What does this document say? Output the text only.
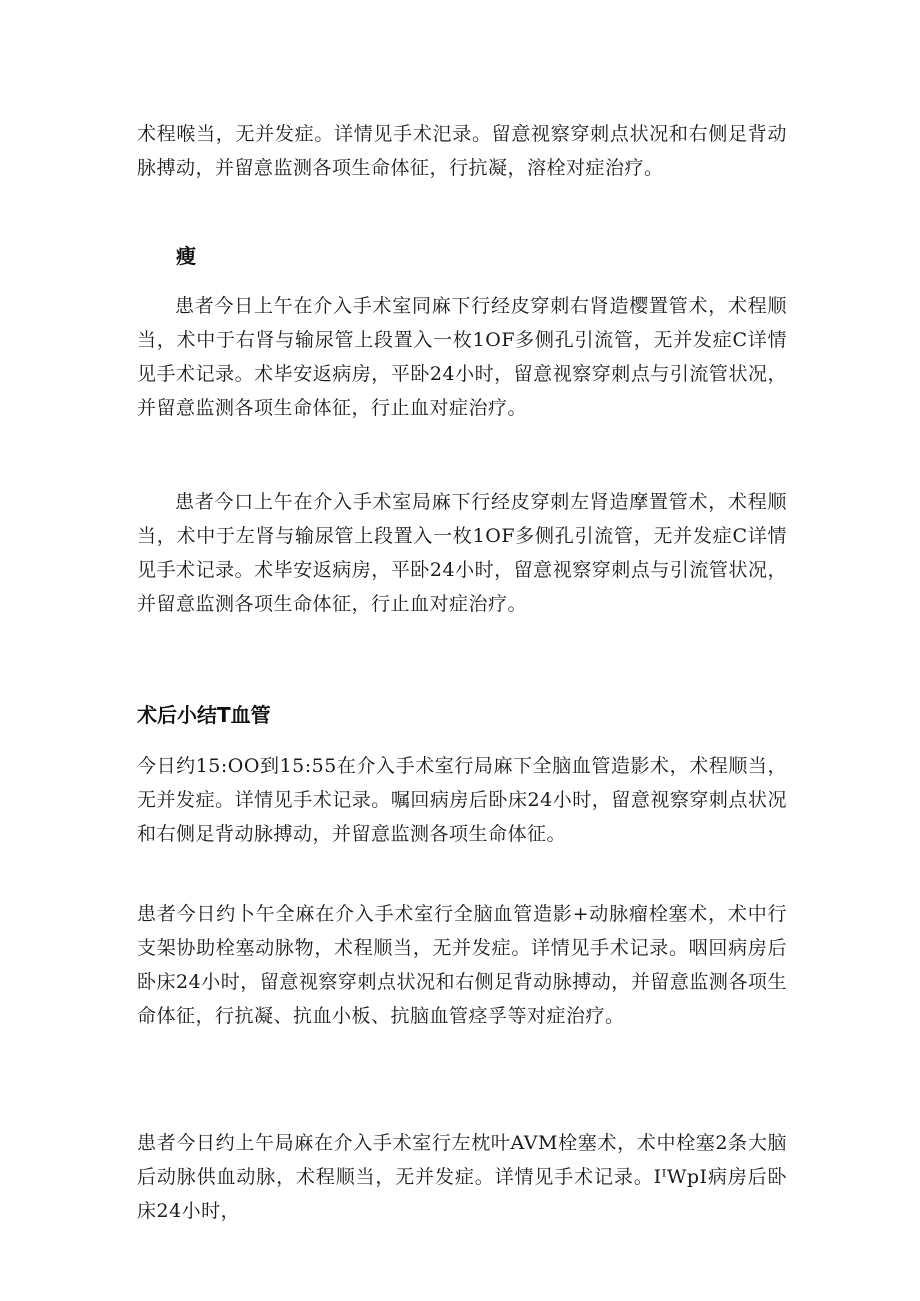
术程喉当，无并发症。详情见手术汜录。留意视察穿刺点状况和右侧足背动脉搏动，并留意监测各项生命体征，行抗凝，溶栓对症治疗。

瘦

患者今日上午在介入手术室同麻下行经皮穿刺右肾造樱置管术，术程顺当，术中于右肾与输尿管上段置入一枚1OF多侧孔引流管，无并发症C详情见手术记录。术毕安返病房，平卧24小时，留意视察穿刺点与引流管状况，并留意监测各项生命体征，行止血对症治疗。

患者今口上午在介入手术室局麻下行经皮穿刺左肾造摩置管术，术程顺当，术中于左肾与输尿管上段置入一枚1OF多侧孔引流管，无并发症C详情见手术记录。术毕安返病房，平卧24小时，留意视察穿刺点与引流管状况，并留意监测各项生命体征，行止血对症治疗。

术后小结T血管

今日约15:OO到15:55在介入手术室行局麻下全脑血管造影术，术程顺当，无并发症。详情见手术记录。嘱回病房后卧床24小时，留意视察穿刺点状况和右侧足背动脉搏动，并留意监测各项生命体征。

患者今日约卜午全麻在介入手术室行全脑血管造影+动脉瘤栓塞术，术中行支架协助栓塞动脉物，术程顺当，无并发症。详情见手术记录。咽回病房后卧床24小时，留意视察穿刺点状况和右侧足背动脉搏动，并留意监测各项生命体征，行抗凝、抗血小板、抗脑血管痉孚等对症治疗。

患者今日约上午局麻在介入手术室行左枕叶AVM栓塞术，术中栓塞2条大脑后动脉供血动脉，术程顺当，无并发症。详情见手术记录。IᴵWpI病房后卧床24小时，
